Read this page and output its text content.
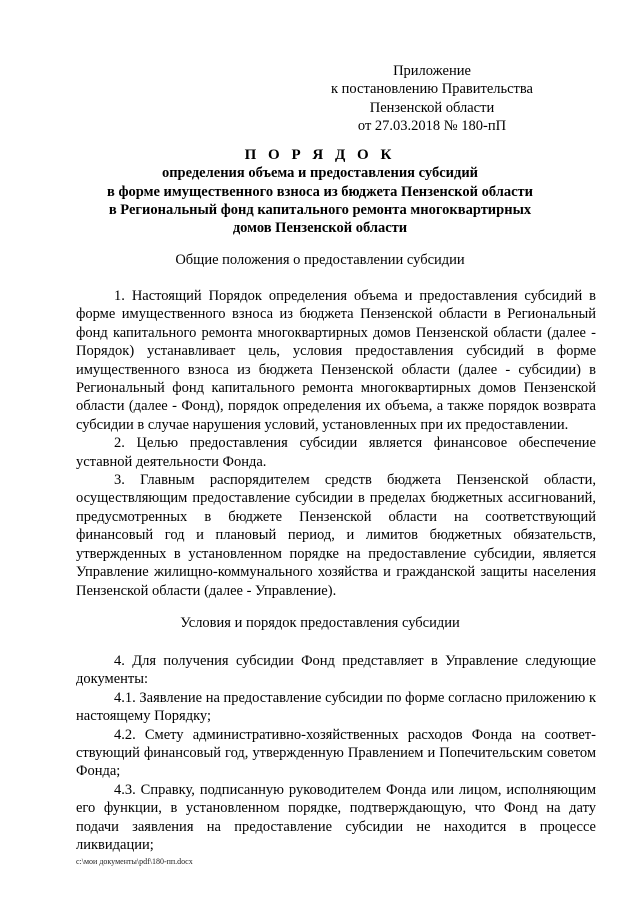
Приложение
к постановлению Правительства
Пензенской области
от 27.03.2018 № 180-пП
П О Р Я Д О К
определения объема и предоставления субсидий
в форме имущественного взноса из бюджета Пензенской области
в Региональный фонд капитального ремонта многоквартирных
домов Пензенской области
Общие положения о предоставлении субсидии

1. Настоящий Порядок определения объема и предоставления субсидий в форме имущественного взноса из бюджета Пензенской области в Региональный фонд капитального ремонта многоквартирных домов Пензенской области (далее - Порядок) устанавливает цель, условия предоставления субсидий в форме имущественного взноса из бюджета Пензенской области (далее - субсидии) в Региональный фонд капитального ремонта многоквартирных домов Пензенской области (далее - Фонд), порядок определения их объема, а также порядок возврата субсидии в случае нарушения условий, установленных при их предоставлении.

2. Целью предоставления субсидии является финансовое обеспечение уставной деятельности Фонда.

3. Главным распорядителем средств бюджета Пензенской области, осуществляющим предоставление субсидии в пределах бюджетных ассигнований, предусмотренных в бюджете Пензенской области на соответствующий финансовый год и плановый период, и лимитов бюджетных обязательств, утвержденных в установленном порядке на предоставление субсидии, является Управление жилищно-коммунального хозяйства и гражданской защиты населения Пензенской области (далее - Управление).

Условия и порядок предоставления субсидии

4. Для получения субсидии Фонд представляет в Управление следующие документы:

4.1. Заявление на предоставление субсидии по форме согласно приложению к настоящему Порядку;

4.2. Смету административно-хозяйственных расходов Фонда на соответствующий финансовый год, утвержденную Правлением и Попечительским советом Фонда;

4.3. Справку, подписанную руководителем Фонда или лицом, исполняющим его функции, в установленном порядке, подтверждающую, что Фонд на дату подачи заявления на предоставление субсидии не находится в процессе ликвидации;

c:\мои документы\pdf\180-пп.docx
